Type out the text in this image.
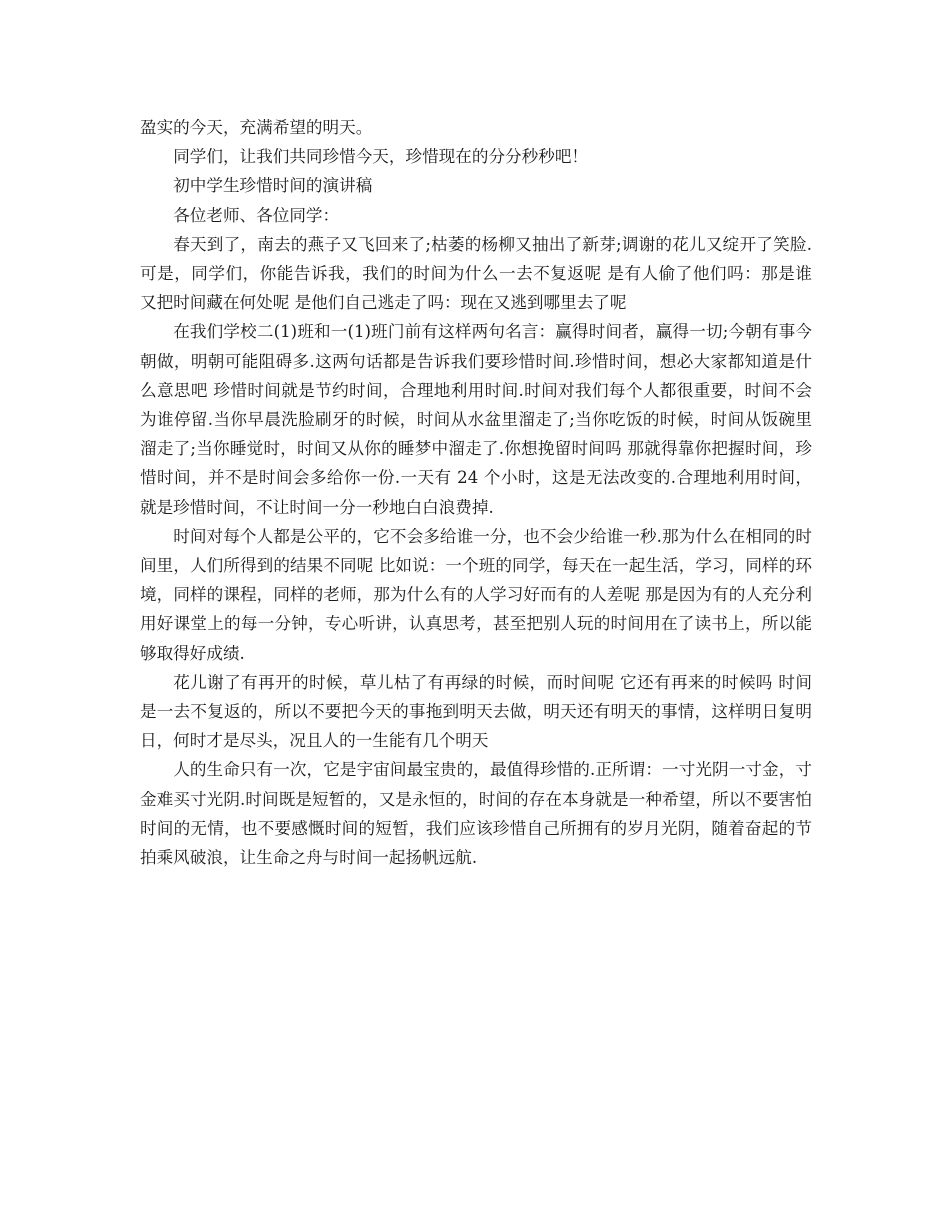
盈实的今天，充满希望的明天。

同学们，让我们共同珍惜今天，珍惜现在的分分秒秒吧！

初中学生珍惜时间的演讲稿

各位老师、各位同学：

春天到了，南去的燕子又飞回来了;枯萎的杨柳又抽出了新芽;调谢的花儿又绽开了笑脸.可是，同学们，你能告诉我，我们的时间为什么一去不复返呢 是有人偷了他们吗：那是谁 又把时间藏在何处呢 是他们自己逃走了吗：现在又逃到哪里去了呢

在我们学校二(1)班和一(1)班门前有这样两句名言：赢得时间者，赢得一切;今朝有事今朝做，明朝可能阻碍多.这两句话都是告诉我们要珍惜时间.珍惜时间，想必大家都知道是什么意思吧 珍惜时间就是节约时间，合理地利用时间.时间对我们每个人都很重要，时间不会为谁停留.当你早晨洗脸刷牙的时候，时间从水盆里溜走了;当你吃饭的时候，时间从饭碗里溜走了;当你睡觉时，时间又从你的睡梦中溜走了.你想挽留时间吗 那就得靠你把握时间，珍惜时间，并不是时间会多给你一份.一天有 24 个小时，这是无法改变的.合理地利用时间，就是珍惜时间，不让时间一分一秒地白白浪费掉.

时间对每个人都是公平的，它不会多给谁一分，也不会少给谁一秒.那为什么在相同的时间里，人们所得到的结果不同呢 比如说：一个班的同学，每天在一起生活，学习，同样的环境，同样的课程，同样的老师，那为什么有的人学习好而有的人差呢 那是因为有的人充分利用好课堂上的每一分钟，专心听讲，认真思考，甚至把别人玩的时间用在了读书上，所以能够取得好成绩.

花儿谢了有再开的时候，草儿枯了有再绿的时候，而时间呢 它还有再来的时候吗 时间是一去不复返的，所以不要把今天的事拖到明天去做，明天还有明天的事情，这样明日复明日，何时才是尽头，况且人的一生能有几个明天

人的生命只有一次，它是宇宙间最宝贵的，最值得珍惜的.正所谓：一寸光阴一寸金，寸金难买寸光阴.时间既是短暂的，又是永恒的，时间的存在本身就是一种希望，所以不要害怕时间的无情，也不要感慨时间的短暂，我们应该珍惜自己所拥有的岁月光阴，随着奋起的节拍乘风破浪，让生命之舟与时间一起扬帆远航.
